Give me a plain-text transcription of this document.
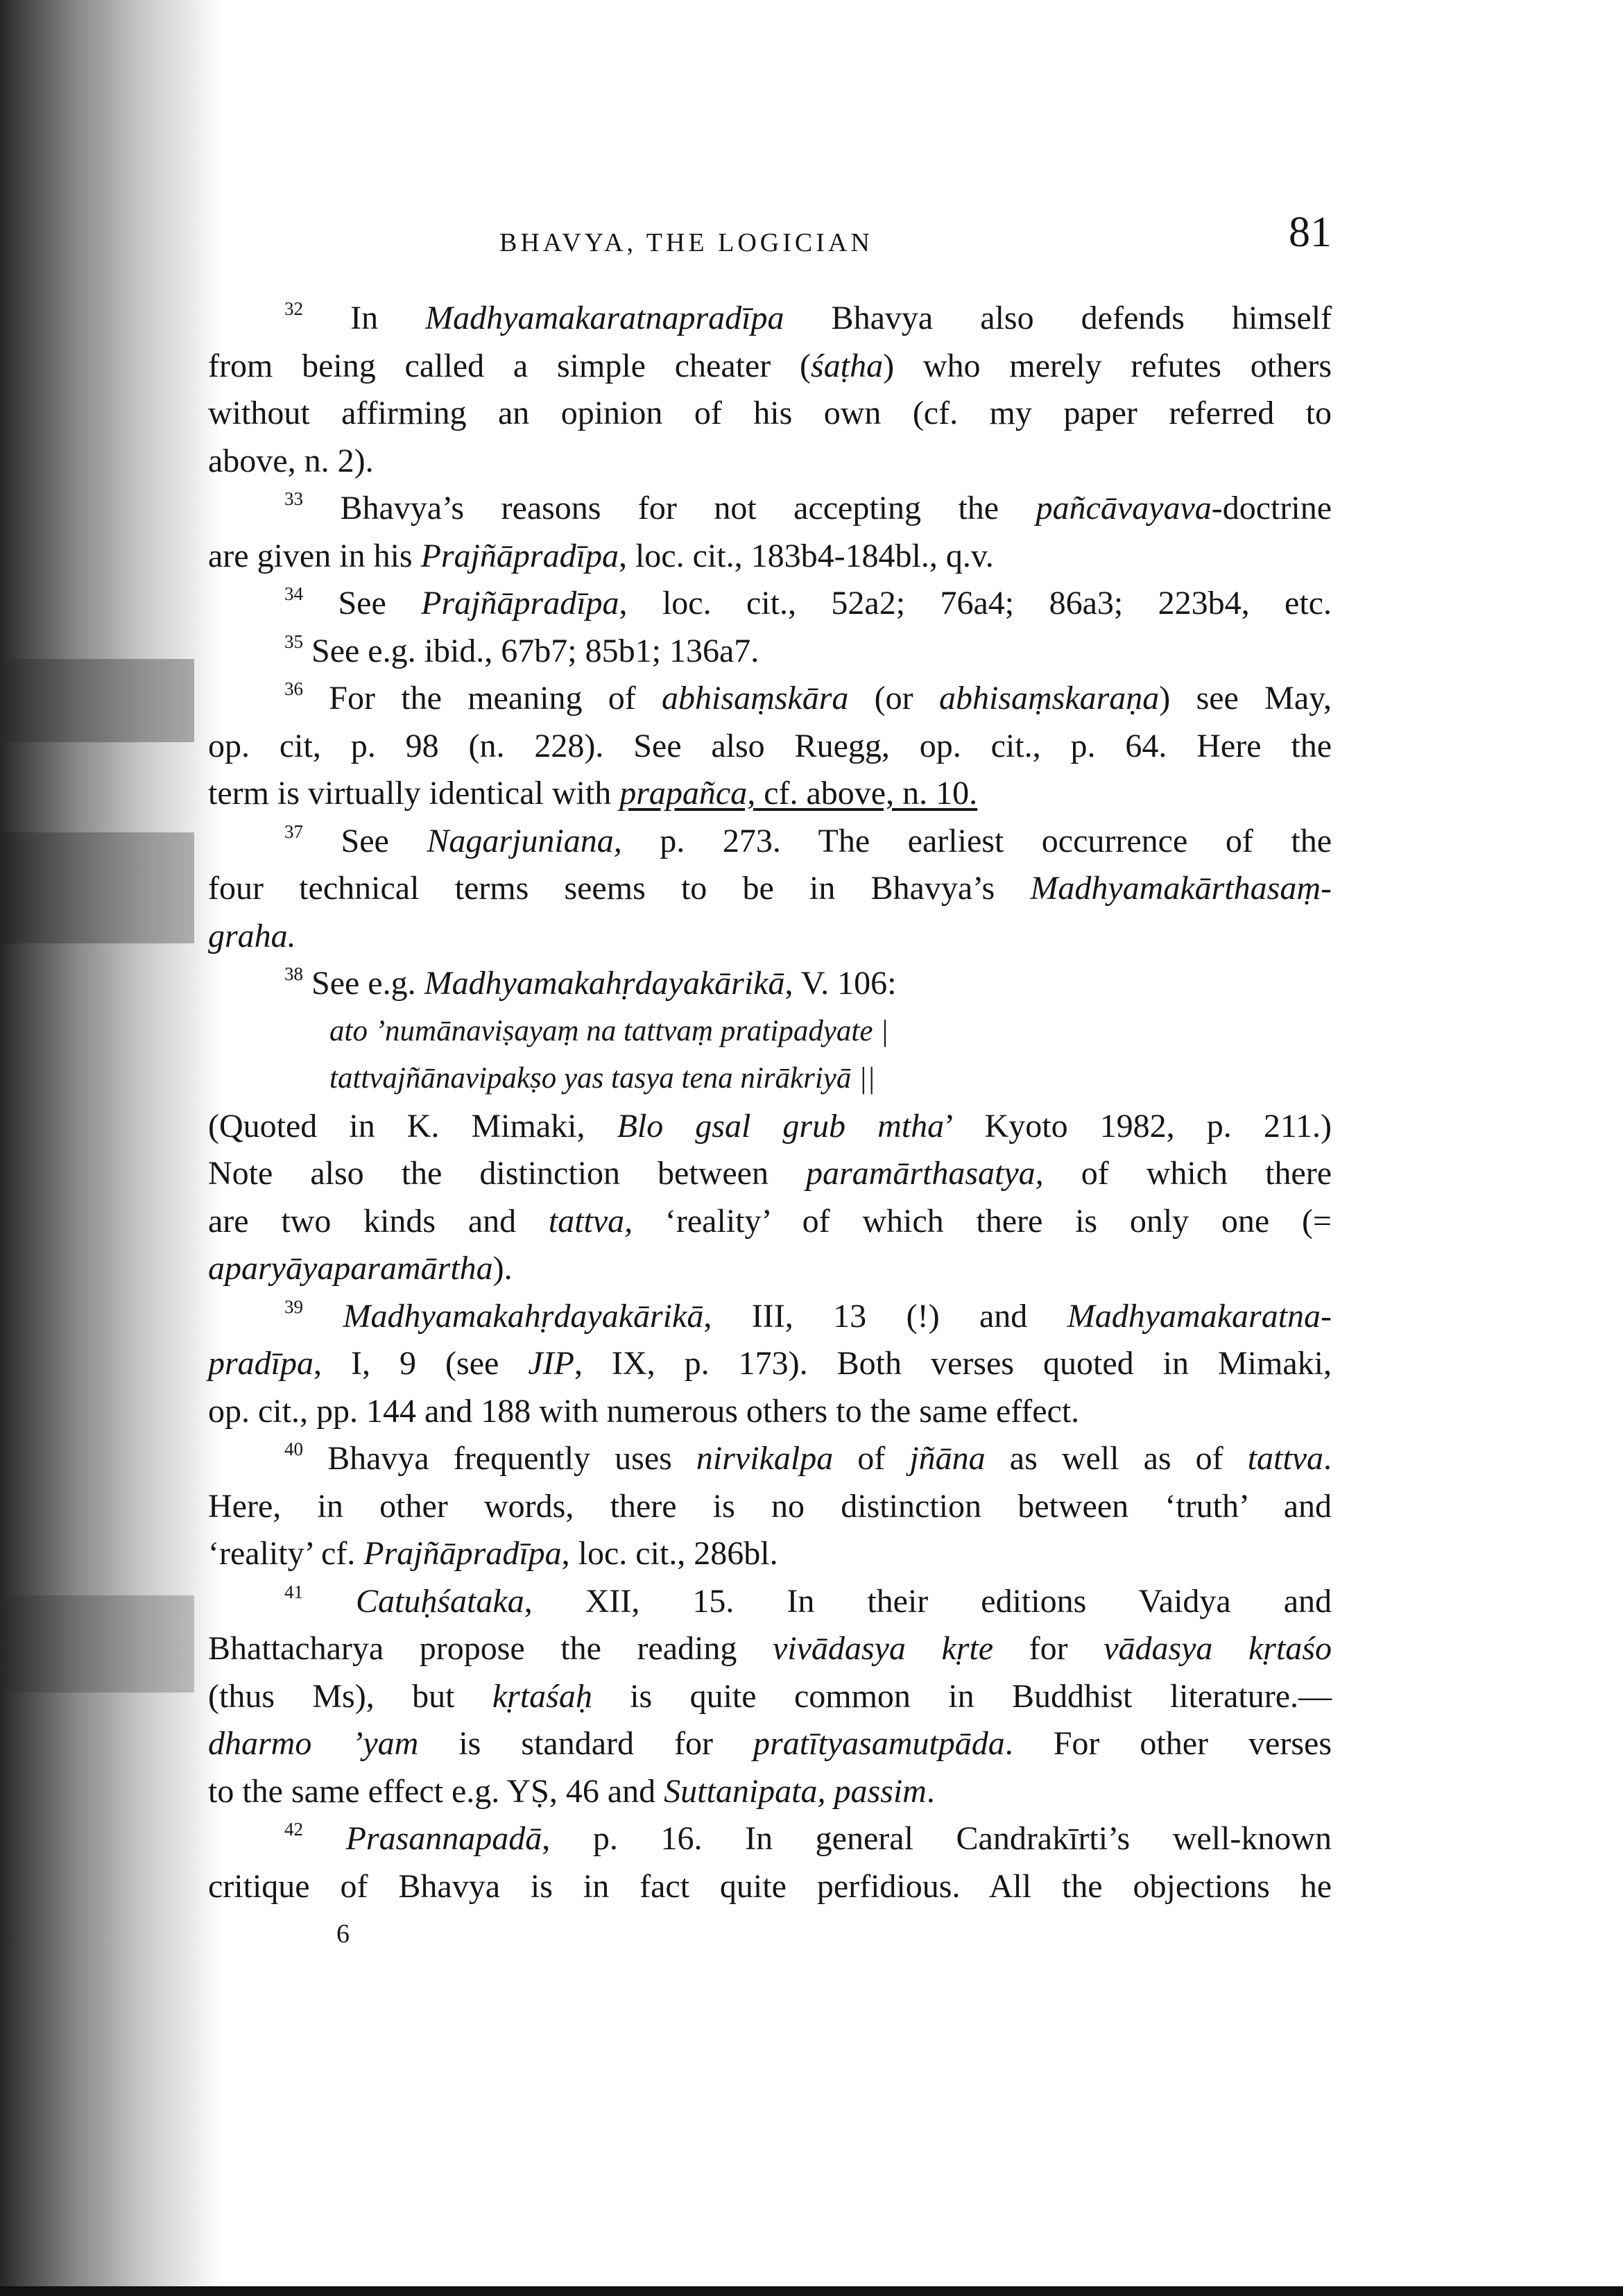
BHAVYA, THE LOGICIAN	81
$^{32}$ In Madhyamakaratnapradīpa Bhavya also defends himself
from being called a simple cheater (śaṭha) who merely refutes others
without affirming an opinion of his own (cf. my paper referred to
above, n. 2).
$^{33}$ Bhavya’s reasons for not accepting the pañcāvayava-doctrine
are given in his Prajñāpradīpa, loc. cit., 183b4-184bl., q.v.
$^{34}$ See Prajñāpradīpa, loc. cit., 52a2; 76a4; 86a3; 223b4, etc.
$^{35}$ See e.g. ibid., 67b7; 85b1; 136a7.
$^{36}$ For the meaning of abhisaṃskāra (or abhisaṃskaraṇa) see May,
op. cit, p. 98 (n. 228). See also Ruegg, op. cit., p. 64. Here the
term is virtually identical with prapañca, cf. above, n. 10.
$^{37}$ See Nagarjuniana, p. 273. The earliest occurrence of the
four technical terms seems to be in Bhavya’s Madhyamakārthasaṃ-
graha.
$^{38}$ See e.g. Madhyamakahṛdayakārikā, V. 106:
ato ’numānaviṣayaṃ na tattvaṃ pratipadyate |
tattvajñānavipakṣo yas tasya tena nirākriyā ||
(Quoted in K. Mimaki, Blo gsal grub mtha’ Kyoto 1982, p. 211.)
Note also the distinction between paramārthasatya, of which there
are two kinds and tattva, ‘reality’ of which there is only one (=
aparyāyaparamārtha).
$^{39}$ Madhyamakahṛdayakārikā, III, 13 (!) and Madhyamakaratna-
pradīpa, I, 9 (see JIP, IX, p. 173). Both verses quoted in Mimaki,
op. cit., pp. 144 and 188 with numerous others to the same effect.
$^{40}$ Bhavya frequently uses nirvikalpa of jñāna as well as of tattva.
Here, in other words, there is no distinction between ‘truth’ and
‘reality’ cf. Prajñāpradīpa, loc. cit., 286bl.
$^{41}$ Catuḥśataka, XII, 15. In their editions Vaidya and
Bhattacharya propose the reading vivādasya kṛte for vādasya kṛtaśo
(thus Ms), but kṛtaśaḥ is quite common in Buddhist literature.—
dharmo ’yam is standard for pratītyasamutpāda. For other verses
to the same effect e.g. YṢ, 46 and Suttanipata, passim.
$^{42}$ Prasannapadā, p. 16. In general Candrakīrti’s well-known
critique of Bhavya is in fact quite perfidious. All the objections he
6
